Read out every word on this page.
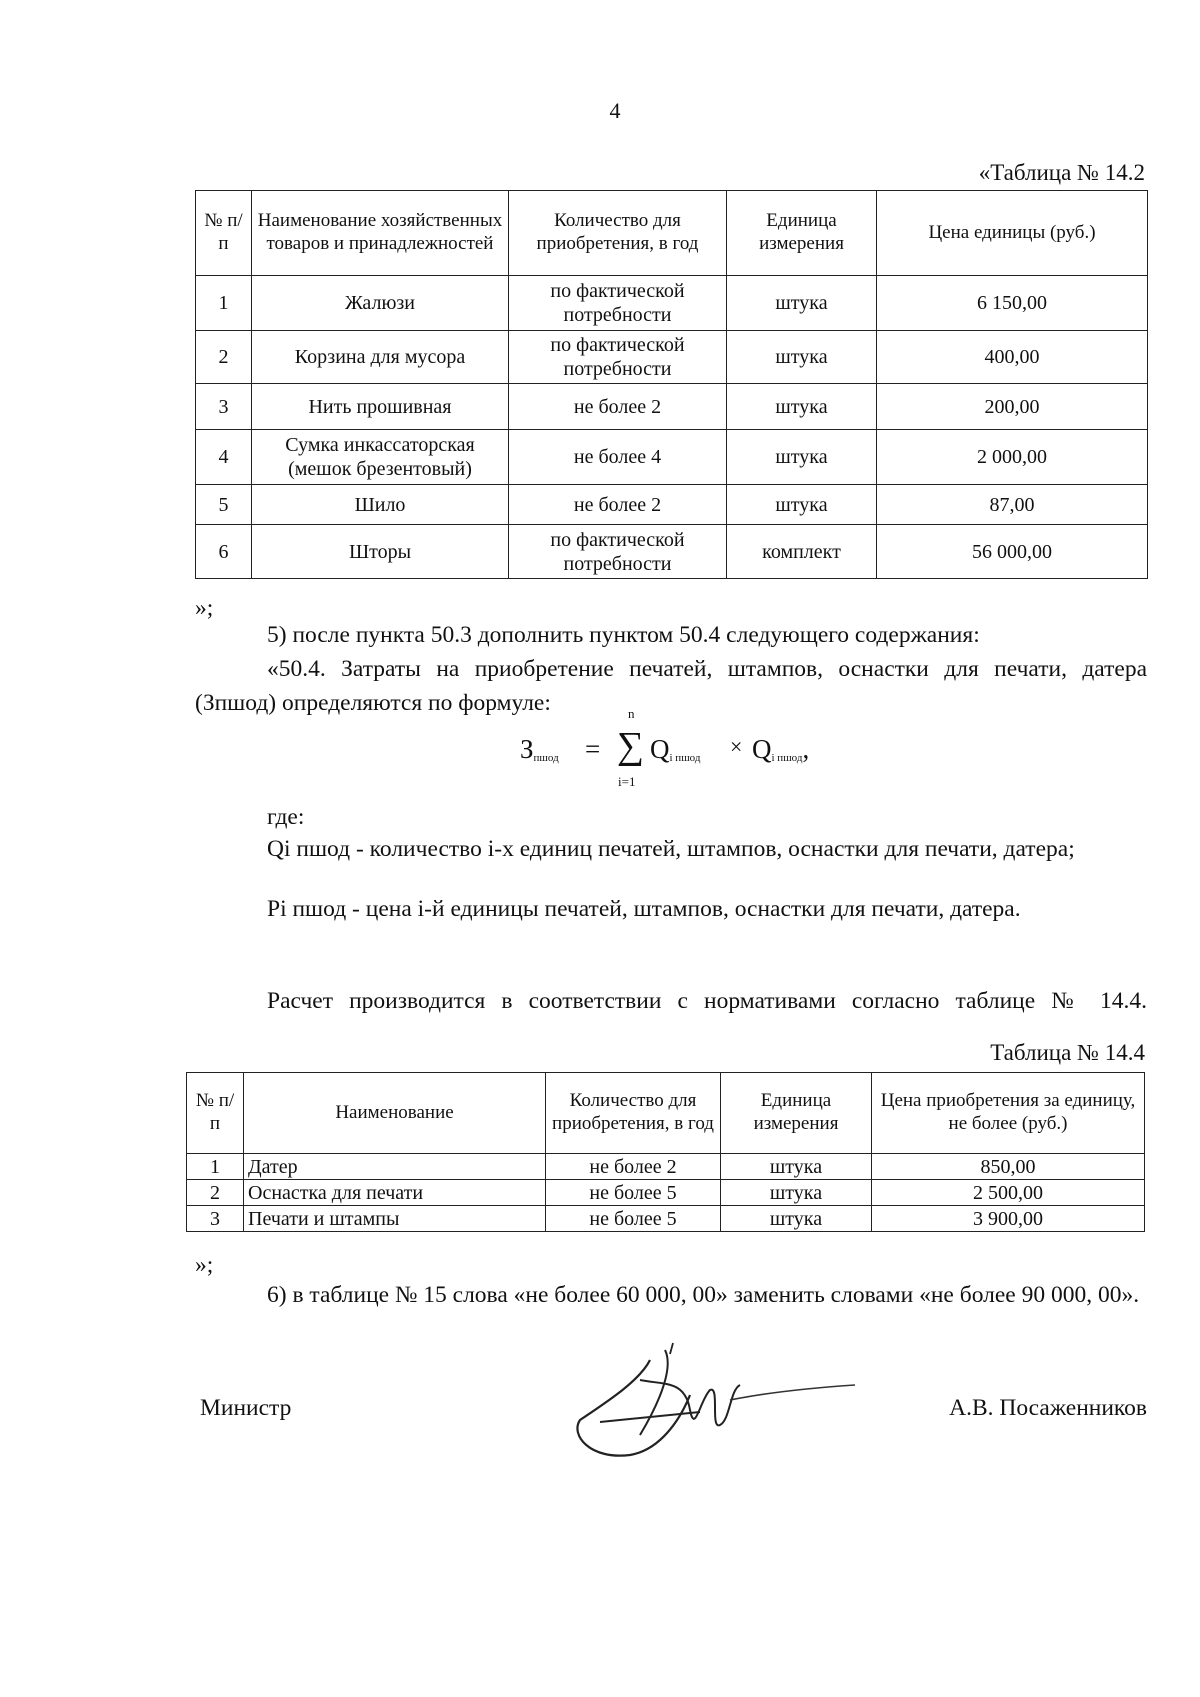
4
«Таблица № 14.2
№ п/п	Наименование хозяйственных товаров и принадлежностей	Количество для приобретения, в год	Единица измерения	Цена единицы (руб.)
1	Жалюзи	по фактической потребности	штука	6 150,00
2	Корзина для мусора	по фактической потребности	штука	400,00
3	Нить прошивная	не более 2	штука	200,00
4	Сумка инкассаторская (мешок брезентовый)	не более 4	штука	2 000,00
5	Шило	не более 2	штука	87,00
6	Шторы	по фактической потребности	комплект	56 000,00
»;
5) после пункта 50.3 дополнить пунктом 50.4 следующего содержания:
«50.4. Затраты на приобретение печатей, штампов, оснастки для печати, датера (Зпшод) определяются по формуле:
$З_{пшод}$ = ∑
n
i=1
$Q_{i пшод} \times Q_{i пшод}$,
где:
Qi пшод - количество i-х единиц печатей, штампов, оснастки для печати, датера;
Pi пшод - цена i-й единицы печатей, штампов, оснастки для печати, датера.
Расчет производится в соответствии с нормативами согласно таблице № 14.4.
Таблица № 14.4
№ п/п	Наименование	Количество для приобретения, в год	Единица измерения	Цена приобретения за единицу, не более (руб.)
1	Датер	не более 2	штука	850,00
2	Оснастка для печати	не более 5	штука	2 500,00
3	Печати и штампы	не более 5	штука	3 900,00
»;
6) в таблице № 15 слова «не более 60 000, 00» заменить словами «не более 90 000, 00».
Министр	А.В. Посаженников
